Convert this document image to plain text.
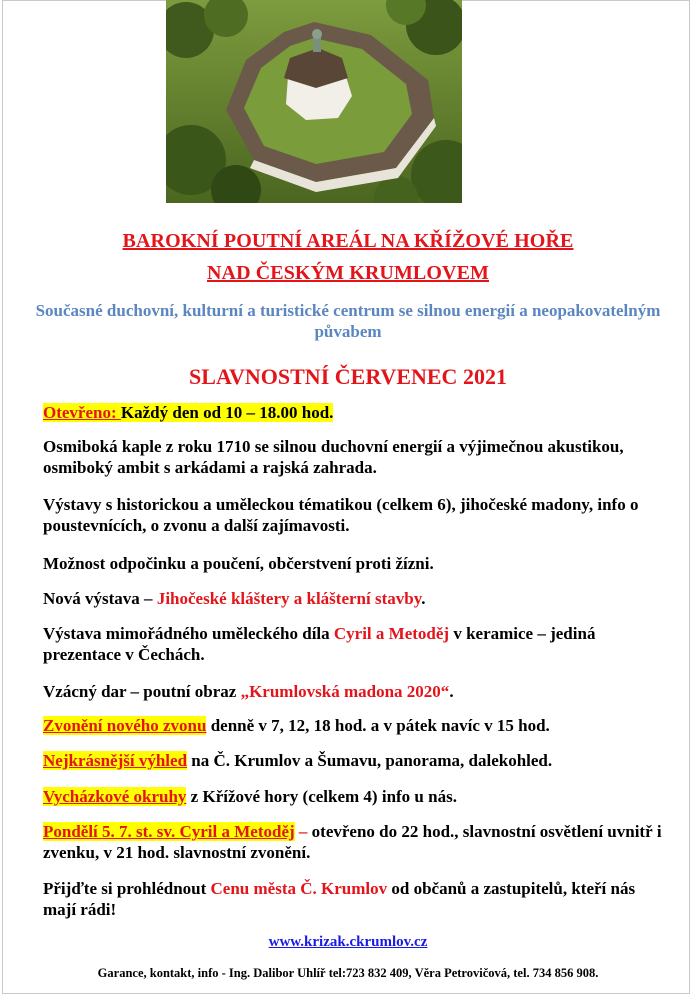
BAROKNÍ POUTNÍ AREÁL NA KŘÍŽOVÉ HOŘE
NAD ČESKÝM KRUMLOVEM
Současné duchovní, kulturní a turistické centrum se silnou energií a neopakovatelným půvabem
SLAVNOSTNÍ ČERVENEC 2021
Otevřeno: Každý den od 10 – 18.00 hod.
Osmiboká kaple z roku 1710 se silnou duchovní energií a výjimečnou akustikou, osmiboký ambit s arkádami a rajská zahrada.
Výstavy s historickou a uměleckou tématikou (celkem 6), jihočeské madony, info o poustevnících, o zvonu a další zajímavosti.
Možnost odpočinku a poučení, občerstvení proti žízni.
Nová výstava – Jihočeské kláštery a klášterní stavby.
Výstava mimořádného uměleckého díla Cyril a Metoděj v keramice – jediná prezentace v Čechách.
Vzácný dar – poutní obraz „Krumlovská madona 2020“.
Zvonění nového zvonu denně v 7, 12, 18 hod. a v pátek navíc v 15 hod.
Nejkrásnější výhled na Č. Krumlov a Šumavu, panorama, dalekohled.
Vycházkové okruhy z Křížové hory (celkem 4) info u nás.
Pondělí 5. 7. st. sv. Cyril a Metoděj – otevřeno do 22 hod., slavnostní osvětlení uvnitř i zvenku, v 21 hod. slavnostní zvonění.
Přijďte si prohlédnout Cenu města Č. Krumlov od občanů a zastupitelů, kteří nás mají rádi!
www.krizak.ckrumlov.cz
Garance, kontakt, info - Ing. Dalibor Uhlíř tel:723 832 409, Věra Petrovičová, tel. 734 856 908.
